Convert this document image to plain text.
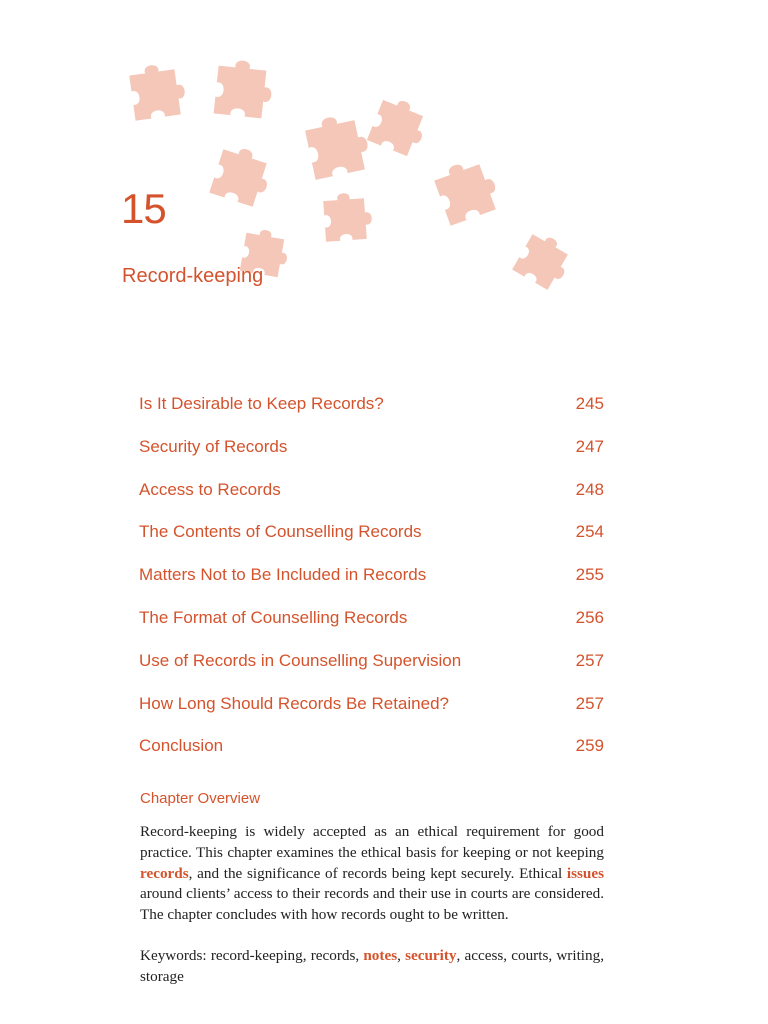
15
Record-keeping
Is It Desirable to Keep Records?	245
Security of Records	247
Access to Records	248
The Contents of Counselling Records	254
Matters Not to Be Included in Records	255
The Format of Counselling Records	256
Use of Records in Counselling Supervision	257
How Long Should Records Be Retained?	257
Conclusion	259
Chapter Overview

Record-keeping is widely accepted as an ethical requirement for good practice. This chapter examines the ethical basis for keeping or not keeping records, and the significance of records being kept securely. Ethical issues around clients’ access to their records and their use in courts are considered. The chapter concludes with how records ought to be written.

Keywords: record-keeping, records, notes, security, access, courts, writing, storage
